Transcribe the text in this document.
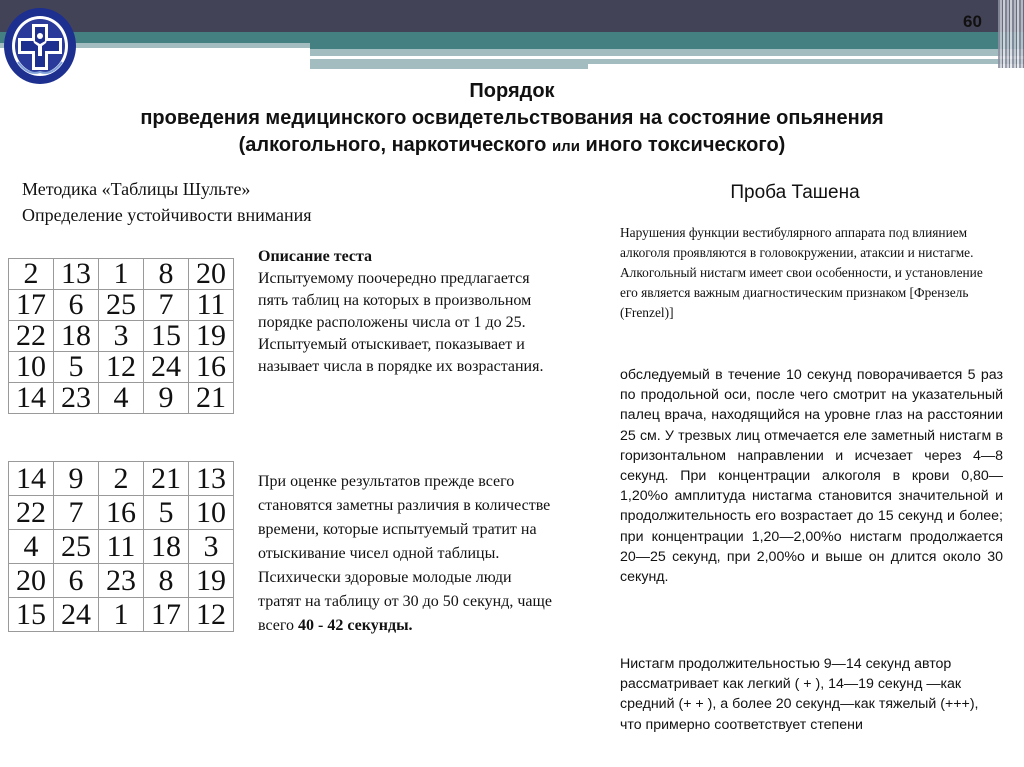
60
Порядок
проведения медицинского освидетельствования на состояние опьянения
(алкогольного, наркотического или иного токсического)
Методика «Таблицы Шульте»
Определение устойчивости внимания
2	13	1	8	20
17	6	25	7	11
22	18	3	15	19
10	5	12	24	16
14	23	4	9	21
14	9	2	21	13
22	7	16	5	10
4	25	11	18	3
20	6	23	8	19
15	24	1	17	12
Описание теста
Испытуемому поочередно предлагается пять таблиц на которых в произвольном порядке расположены числа от 1 до 25. Испытуемый отыскивает, показывает и называет числа в порядке их возрастания.
При оценке результатов прежде всего становятся заметны различия в количестве времени, которые испытуемый тратит на отыскивание чисел одной таблицы. Психически здоровые молодые люди тратят на таблицу от 30 до 50 секунд, чаще всего 40 - 42 секунды.
Проба Ташена
Нарушения функции вестибулярного аппарата под влиянием алкоголя проявляются в головокружении, атаксии и нистагме. Алкогольный нистагм имеет свои особенности, и установление его является важным диагностическим признаком [Френзель (Frenzel)]
обследуемый в течение 10 секунд поворачивается 5 раз по продольной оси, после чего смотрит на указательный палец врача, находящийся на уровне глаз на расстоянии 25 см. У трезвых лиц отмечается еле заметный нистагм в горизонтальном направлении и исчезает через 4—8 секунд. При концентрации алкоголя в крови 0,80—1,20%о амплитуда нистагма становится значительной и продолжительность его возрастает до 15 секунд и более; при концентрации 1,20—2,00%о нистагм продолжается 20—25 секунд, при 2,00%о и выше он длится около 30 секунд.
Нистагм продолжительностью 9—14 секунд автор рассматривает как легкий ( + ), 14—19 секунд —как средний (+ + ), а более 20 секунд—как тяжелый (+++), что примерно соответствует степени
